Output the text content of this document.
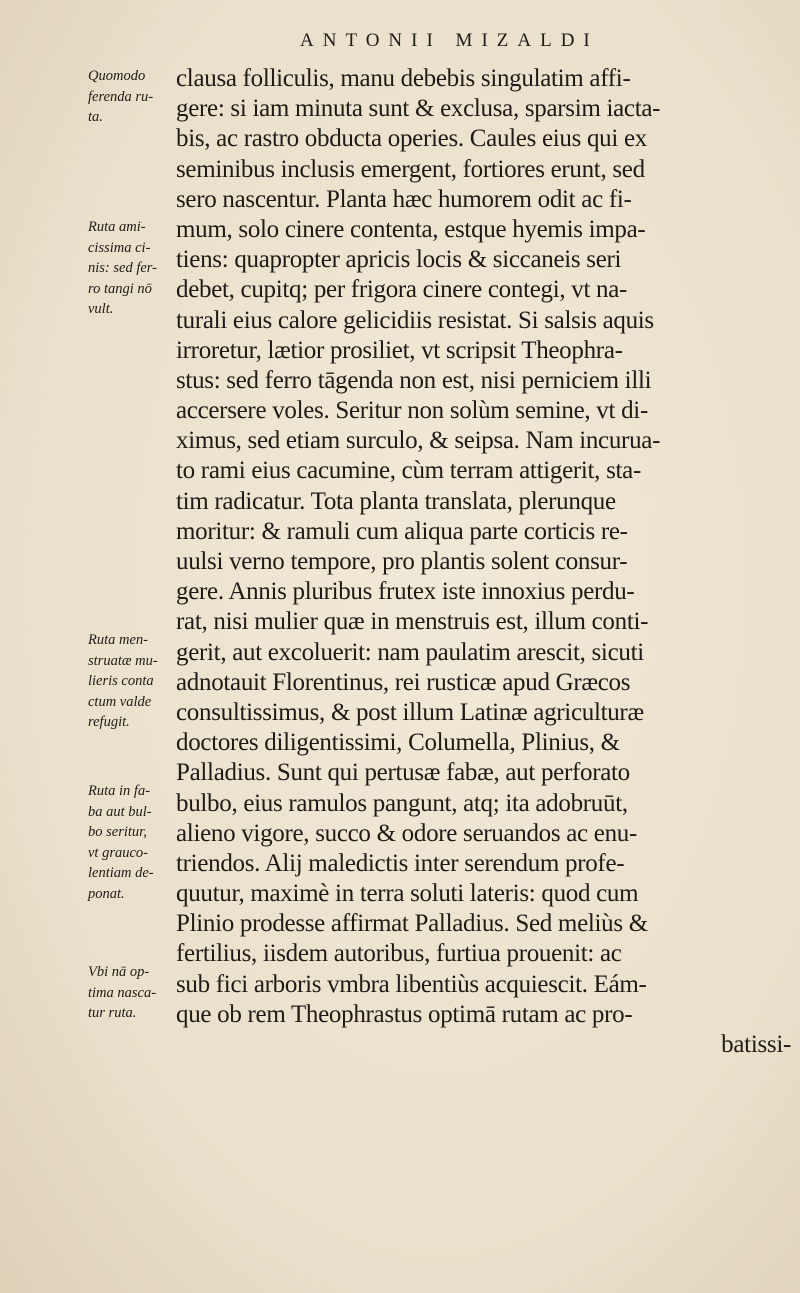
ANTONII MIZALDI
Quomodo
ferenda ru-
ta.
Ruta ami-
cissima ci-
nis: sed fer-
ro tangi nō
vult.
Ruta men-
struatæ mu-
lieris conta
ctum valde
refugit.
Ruta in fa-
ba aut bul-
bo seritur,
vt grauco-
lentiam de-
ponat.
Vbi nā op-
tima nasca-
tur ruta.
clausa folliculis, manu debebis singulatim affi-
gere: si iam minuta sunt & exclusa, sparsim iacta-
bis, ac rastro obducta operies. Caules eius qui ex
seminibus inclusis emergent, fortiores erunt, sed
sero nascentur. Planta hæc humorem odit ac fi-
mum, solo cinere contenta, estque hyemis impa-
tiens: quapropter apricis locis & siccaneis seri
debet, cupitq; per frigora cinere contegi, vt na-
turali eius calore gelicidiis resistat. Si salsis aquis
irroretur, lætior prosiliet, vt scripsit Theophra-
stus: sed ferro tāgenda non est, nisi perniciem illi
accersere voles. Seritur non solùm semine, vt di-
ximus, sed etiam surculo, & seipsa. Nam incurua-
to rami eius cacumine, cùm terram attigerit, sta-
tim radicatur. Tota planta translata, plerunque
moritur: & ramuli cum aliqua parte corticis re-
uulsi verno tempore, pro plantis solent consur-
gere. Annis pluribus frutex iste innoxius perdu-
rat, nisi mulier quæ in menstruis est, illum conti-
gerit, aut excoluerit: nam paulatim arescit, sicuti
adnotauit Florentinus, rei rusticæ apud Græcos
consultissimus, & post illum Latinæ agriculturæ
doctores diligentissimi, Columella, Plinius, &
Palladius. Sunt qui pertusæ fabæ, aut perforato
bulbo, eius ramulos pangunt, atq; ita adobruūt,
alieno vigore, succo & odore seruandos ac enu-
triendos. Alij maledictis inter serendum profe-
quutur, maximè in terra soluti lateris: quod cum
Plinio prodesse affirmat Palladius. Sed meliùs &
fertilius, iisdem autoribus, furtiua prouenit: ac
sub fici arboris vmbra libentiùs acquiescit. Eám-
que ob rem Theophrastus optimā rutam ac pro-
batissi-
